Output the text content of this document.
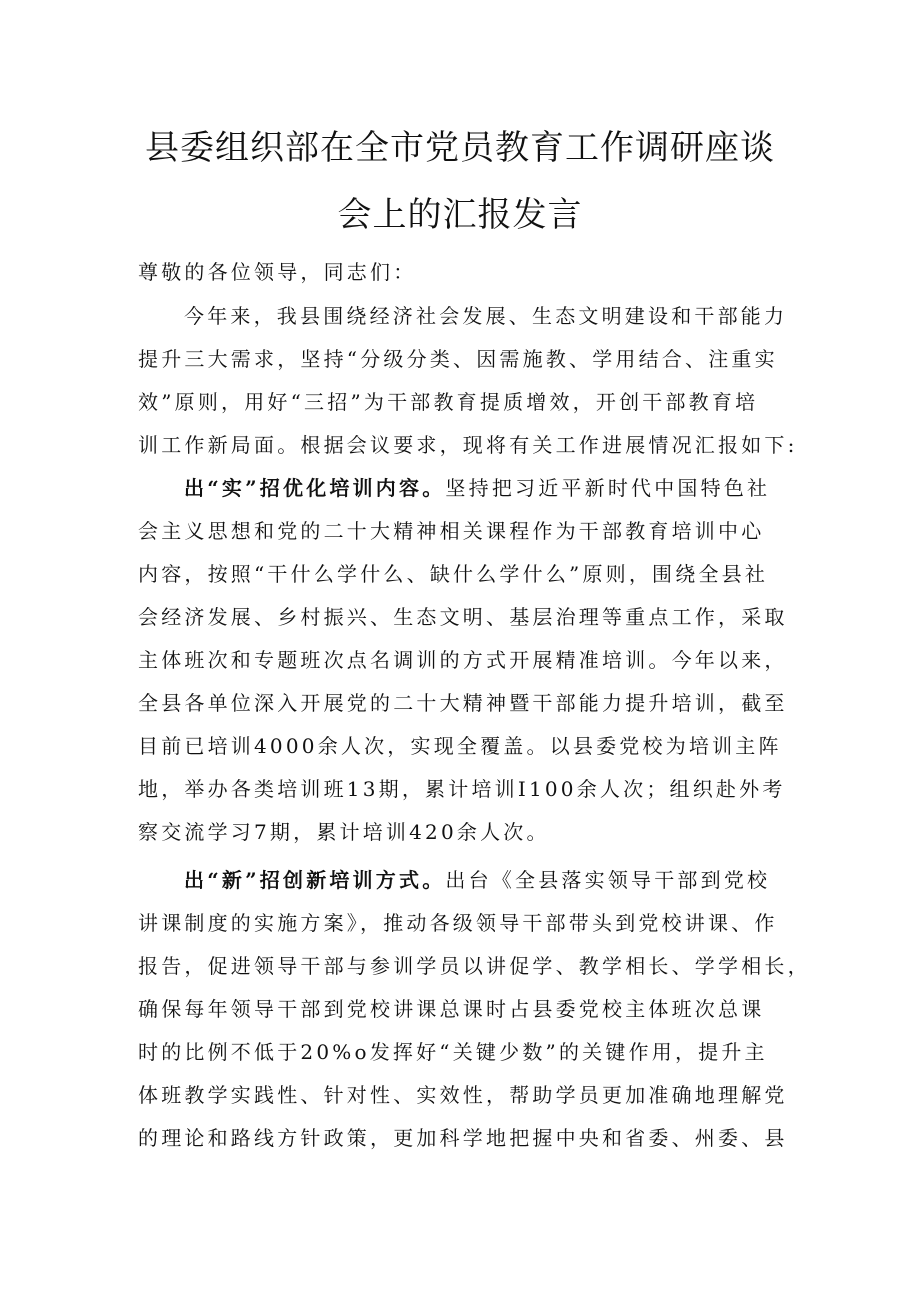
县委组织部在全市党员教育工作调研座谈
会上的汇报发言
尊敬的各位领导，同志们：
今年来，我县围绕经济社会发展、生态文明建设和干部能力
提升三大需求，坚持“分级分类、因需施教、学用结合、注重实
效”原则，用好“三招”为干部教育提质增效，开创干部教育培
训工作新局面。根据会议要求，现将有关工作进展情况汇报如下:
出“实”招优化培训内容。坚持把习近平新时代中国特色社
会主义思想和党的二十大精神相关课程作为干部教育培训中心
内容，按照“干什么学什么、缺什么学什么”原则，围绕全县社
会经济发展、乡村振兴、生态文明、基层治理等重点工作，采取
主体班次和专题班次点名调训的方式开展精准培训。今年以来，
全县各单位深入开展党的二十大精神暨干部能力提升培训，截至
目前已培训4000余人次，实现全覆盖。以县委党校为培训主阵
地，举办各类培训班13期，累计培训I100余人次；组织赴外考
察交流学习7期，累计培训420余人次。
出“新”招创新培训方式。出台《全县落实领导干部到党校
讲课制度的实施方案》，推动各级领导干部带头到党校讲课、作
报告，促进领导干部与参训学员以讲促学、教学相长、学学相长，
确保每年领导干部到党校讲课总课时占县委党校主体班次总课
时的比例不低于20%o发挥好“关键少数”的关键作用，提升主
体班教学实践性、针对性、实效性，帮助学员更加准确地理解党
的理论和路线方针政策，更加科学地把握中央和省委、州委、县
